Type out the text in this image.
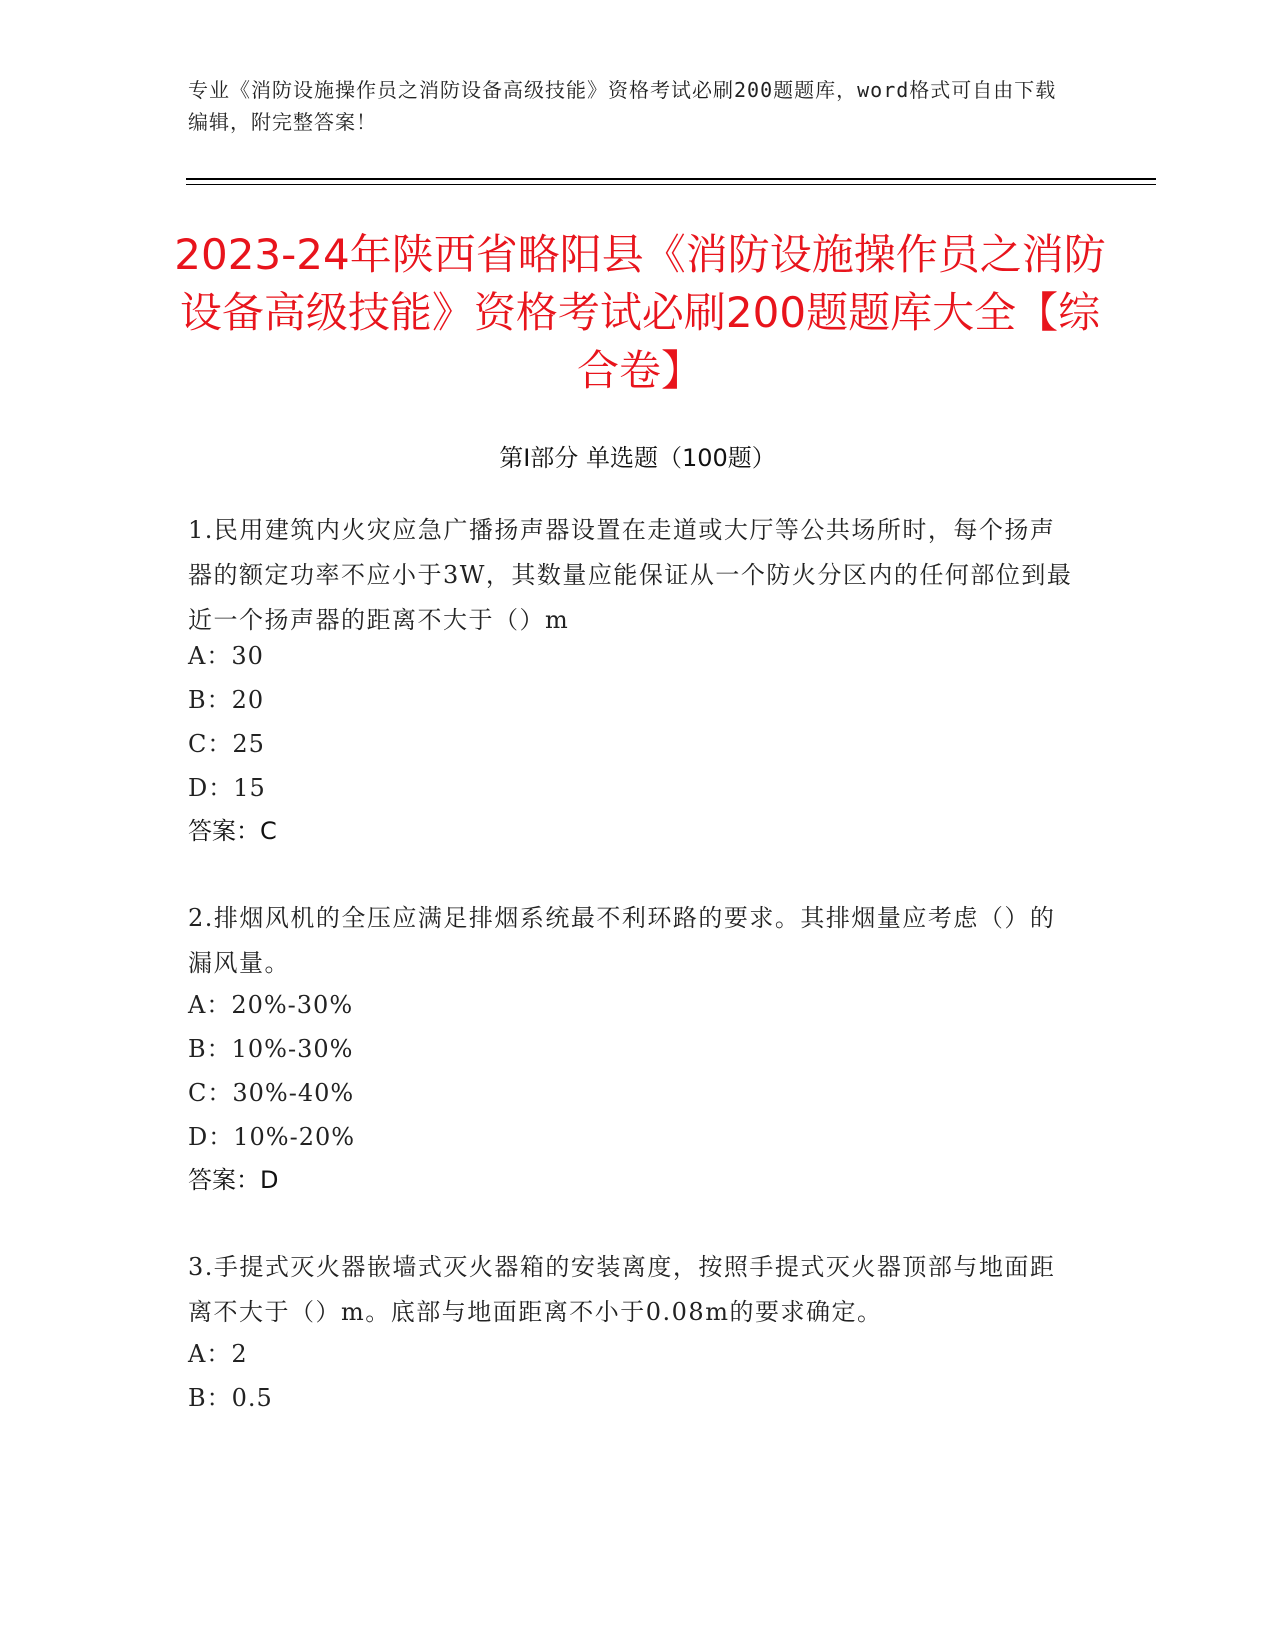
专业《消防设施操作员之消防设备高级技能》资格考试必刷200题题库，word格式可自由下载编辑，附完整答案！
2023-24年陕西省略阳县《消防设施操作员之消防设备高级技能》资格考试必刷200题题库大全【综合卷】
第Ⅰ部分 单选题（100题）
1.民用建筑内火灾应急广播扬声器设置在走道或大厅等公共场所时，每个扬声器的额定功率不应小于3W，其数量应能保证从一个防火分区内的任何部位到最近一个扬声器的距离不大于（）m
A：30
B：20
C：25
D：15
答案：C
2.排烟风机的全压应满足排烟系统最不利环路的要求。其排烟量应考虑（）的漏风量。
A：20%-30%
B：10%-30%
C：30%-40%
D：10%-20%
答案：D
3.手提式灭火器嵌墙式灭火器箱的安装离度，按照手提式灭火器顶部与地面距离不大于（）m。底部与地面距离不小于0.08m的要求确定。
A：2
B：0.5
